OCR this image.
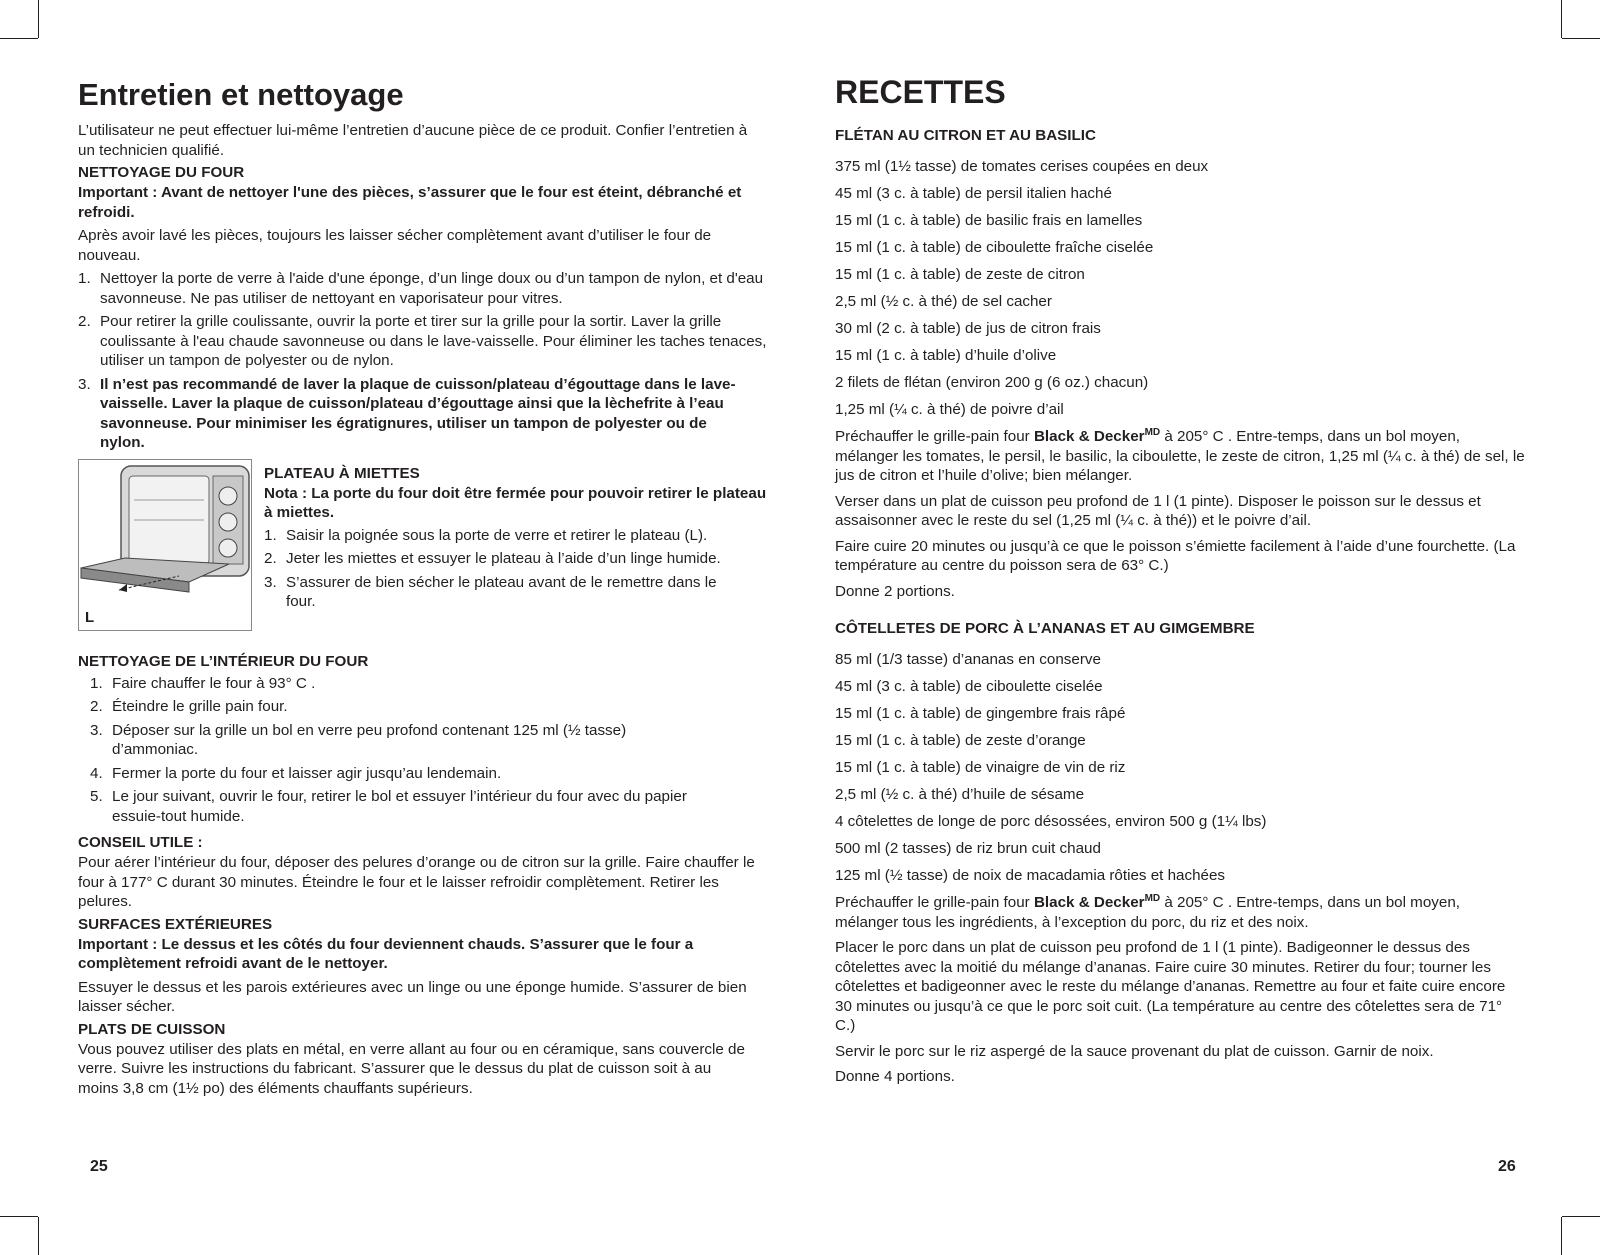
Entretien et nettoyage

L’utilisateur ne peut effectuer lui-même l’entretien d’aucune pièce de ce produit. Confier l’entretien à un technicien qualifié.

NETTOYAGE DU FOUR

Important : Avant de nettoyer l'une des pièces, s’assurer que le four est éteint, débranché et refroidi.

Après avoir lavé les pièces, toujours les laisser sécher complètement avant d’utiliser le four de nouveau.

1. Nettoyer la porte de verre à l'aide d'une éponge, d’un linge doux ou d’un tampon de nylon, et d'eau savonneuse. Ne pas utiliser de nettoyant en vaporisateur pour vitres.
2. Pour retirer la grille coulissante, ouvrir la porte et tirer sur la grille pour la sortir. Laver la grille coulissante à l'eau chaude savonneuse ou dans le lave-vaisselle. Pour éliminer les taches tenaces, utiliser un tampon de polyester ou de nylon.
3. Il n’est pas recommandé de laver la plaque de cuisson/plateau d’égouttage dans le lave-vaisselle. Laver la plaque de cuisson/plateau d’égouttage ainsi que la lèchefrite à l’eau savonneuse. Pour minimiser les égratignures, utiliser un tampon de polyester ou de nylon.
L
PLATEAU À MIETTES

Nota : La porte du four doit être fermée pour pouvoir retirer le plateau à miettes.

1. Saisir la poignée sous la porte de verre et retirer le plateau (L).
2. Jeter les miettes et essuyer le plateau à l’aide d’un linge humide.
3. S’assurer de bien sécher le plateau avant de le remettre dans le four.
NETTOYAGE DE L’INTÉRIEUR DU FOUR
1. Faire chauffer le four à 93° C .
2. Éteindre le grille pain four.
3. Déposer sur la grille un bol en verre peu profond contenant 125 ml (½ tasse) d’ammoniac.
4. Fermer la porte du four et laisser agir jusqu’au lendemain.
5. Le jour suivant, ouvrir le four, retirer le bol et essuyer l’intérieur du four avec du papier essuie-tout humide.
CONSEIL UTILE :

Pour aérer l’intérieur du four, déposer des pelures d’orange ou de citron sur la grille. Faire chauffer le four à 177° C durant 30 minutes. Éteindre le four et le laisser refroidir complètement. Retirer les pelures.

SURFACES EXTÉRIEURES

Important : Le dessus et les côtés du four deviennent chauds. S’assurer que le four a complètement refroidi avant de le nettoyer.

Essuyer le dessus et les parois extérieures avec un linge ou une éponge humide. S’assurer de bien laisser sécher.

PLATS DE CUISSON

Vous pouvez utiliser des plats en métal, en verre allant au four ou en céramique, sans couvercle de verre. Suivre les instructions du fabricant. S’assurer que le dessus du plat de cuisson soit à au moins 3,8 cm (1½ po) des éléments chauffants supérieurs.

25
RECETTES
FLÉTAN AU CITRON ET AU BASILIC
375 ml (1½ tasse) de tomates cerises coupées en deux
45 ml (3 c. à table) de persil italien haché
15 ml (1 c. à table) de basilic frais en lamelles
15 ml (1 c. à table) de ciboulette fraîche ciselée
15 ml (1 c. à table) de zeste de citron
2,5 ml (½ c. à thé) de sel cacher
30 ml (2 c. à table) de jus de citron frais
15 ml (1 c. à table) d’huile d’olive
2 filets de flétan (environ 200 g (6 oz.) chacun)
1,25 ml (¼ c. à thé) de poivre d’ail

Préchauffer le grille-pain four Black & Decker$^{MD}$ à 205° C . Entre-temps, dans un bol moyen, mélanger les tomates, le persil, le basilic, la ciboulette, le zeste de citron, 1,25 ml (¼ c. à thé) de sel, le jus de citron et l’huile d’olive; bien mélanger.

Verser dans un plat de cuisson peu profond de 1 l (1 pinte). Disposer le poisson sur le dessus et assaisonner avec le reste du sel (1,25 ml (¼ c. à thé)) et le poivre d’ail.

Faire cuire 20 minutes ou jusqu’à ce que le poisson s’émiette facilement à l’aide d’une fourchette. (La température au centre du poisson sera de 63° C.)

Donne 2 portions.

CÔTELLETES DE PORC À L’ANANAS ET AU GIMGEMBRE
85 ml (1/3 tasse) d’ananas en conserve
45 ml (3 c. à table) de ciboulette ciselée
15 ml (1 c. à table) de gingembre frais râpé
15 ml (1 c. à table) de zeste d’orange
15 ml (1 c. à table) de vinaigre de vin de riz
2,5 ml (½ c. à thé) d’huile de sésame
4 côtelettes de longe de porc désossées, environ 500 g (1¼ lbs)
500 ml (2 tasses) de riz brun cuit chaud
125 ml (½ tasse) de noix de macadamia rôties et hachées

Préchauffer le grille-pain four Black & Decker$^{MD}$ à 205° C . Entre-temps, dans un bol moyen, mélanger tous les ingrédients, à l’exception du porc, du riz et des noix.

Placer le porc dans un plat de cuisson peu profond de 1 l (1 pinte). Badigeonner le dessus des côtelettes avec la moitié du mélange d’ananas. Faire cuire 30 minutes. Retirer du four; tourner les côtelettes et badigeonner avec le reste du mélange d’ananas. Remettre au four et faite cuire encore 30 minutes ou jusqu’à ce que le porc soit cuit. (La température au centre des côtelettes sera de 71° C.)

Servir le porc sur le riz aspergé de la sauce provenant du plat de cuisson. Garnir de noix.

Donne 4 portions.

26
